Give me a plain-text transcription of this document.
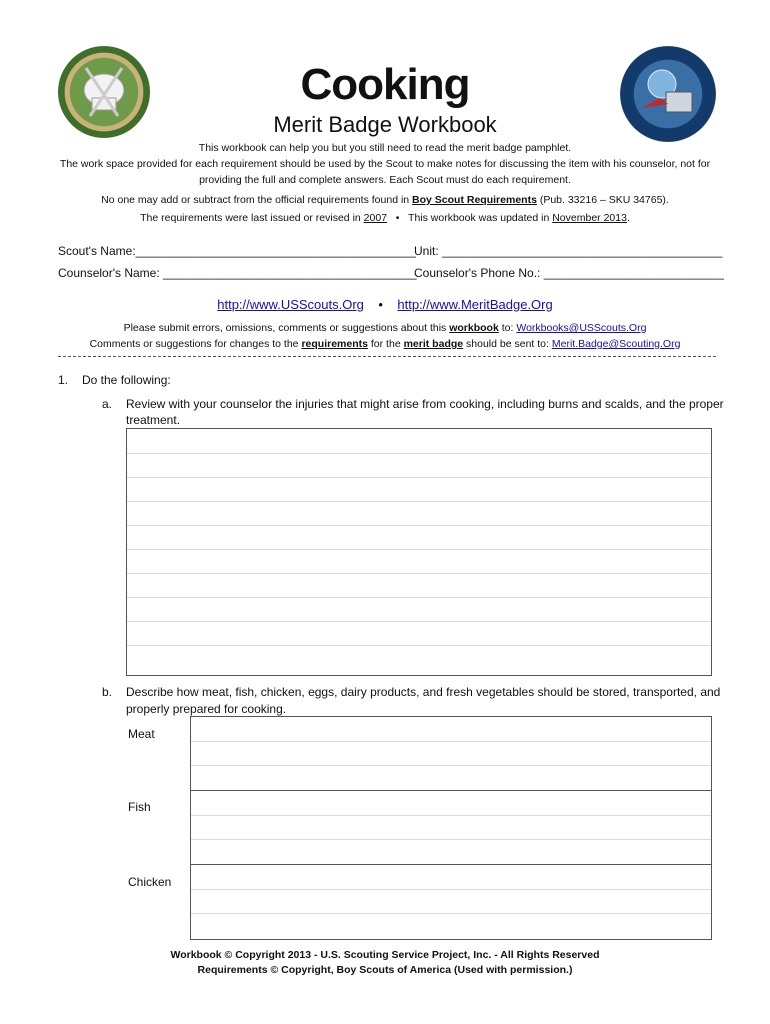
Cooking
Merit Badge Workbook
This workbook can help you but you still need to read the merit badge pamphlet.
The work space provided for each requirement should be used by the Scout to make notes for discussing the item with his counselor, not for
providing the full and complete answers. Each Scout must do each requirement.
No one may add or subtract from the official requirements found in Boy Scout Requirements (Pub. 33216 – SKU 34765).
The requirements were last issued or revised in 2007 • This workbook was updated in November 2013.
Scout's Name:__________________________________________
Unit: __________________________________________
Counselor's Name: ______________________________________
Counselor's Phone No.: ___________________________
http://www.USScouts.Org • http://www.MeritBadge.Org
Please submit errors, omissions, comments or suggestions about this workbook to: Workbooks@USScouts.Org
Comments or suggestions for changes to the requirements for the merit badge should be sent to: Merit.Badge@Scouting.Org
1. Do the following:
a. Review with your counselor the injuries that might arise from cooking, including burns and scalds, and the proper
treatment.
b. Describe how meat, fish, chicken, eggs, dairy products, and fresh vegetables should be stored, transported, and
properly prepared for cooking.
Meat
Fish
Chicken
Workbook © Copyright 2013 - U.S. Scouting Service Project, Inc. - All Rights Reserved
Requirements © Copyright, Boy Scouts of America (Used with permission.)
